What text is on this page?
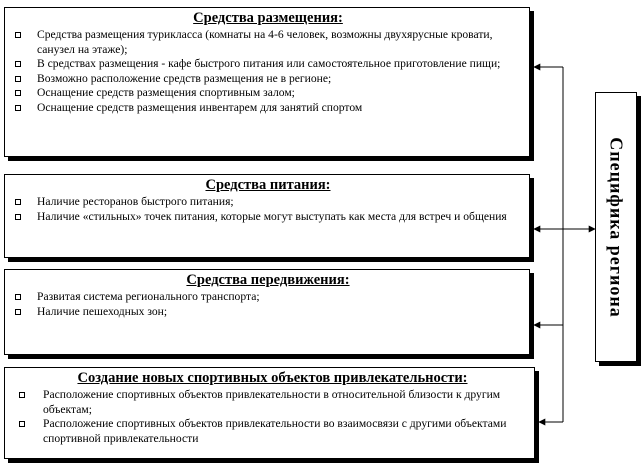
Средства размещения:
Средства размещения турикласса (комнаты на 4-6 человек, возможны двухярусные кровати, санузел на этаже);
В средствах размещения - кафе быстрого питания или самостоятельное приготовление пищи;
Возможно расположение средств размещения не в регионе;
Оснащение средств размещения спортивным залом;
Оснащение средств размещения инвентарем для занятий спортом
Средства питания:
Наличие ресторанов быстрого питания;
Наличие «стильных» точек питания, которые могут выступать как места для встреч и общения
Средства передвижения:
Развитая система регионального транспорта;
Наличие пешеходных зон;
Создание новых спортивных объектов привлекательности:
Расположение спортивных объектов привлекательности в относительной близости к другим объектам;
Расположение спортивных объектов привлекательности во взаимосвязи с другими объектами спортивной привлекательности
Специфика региона
